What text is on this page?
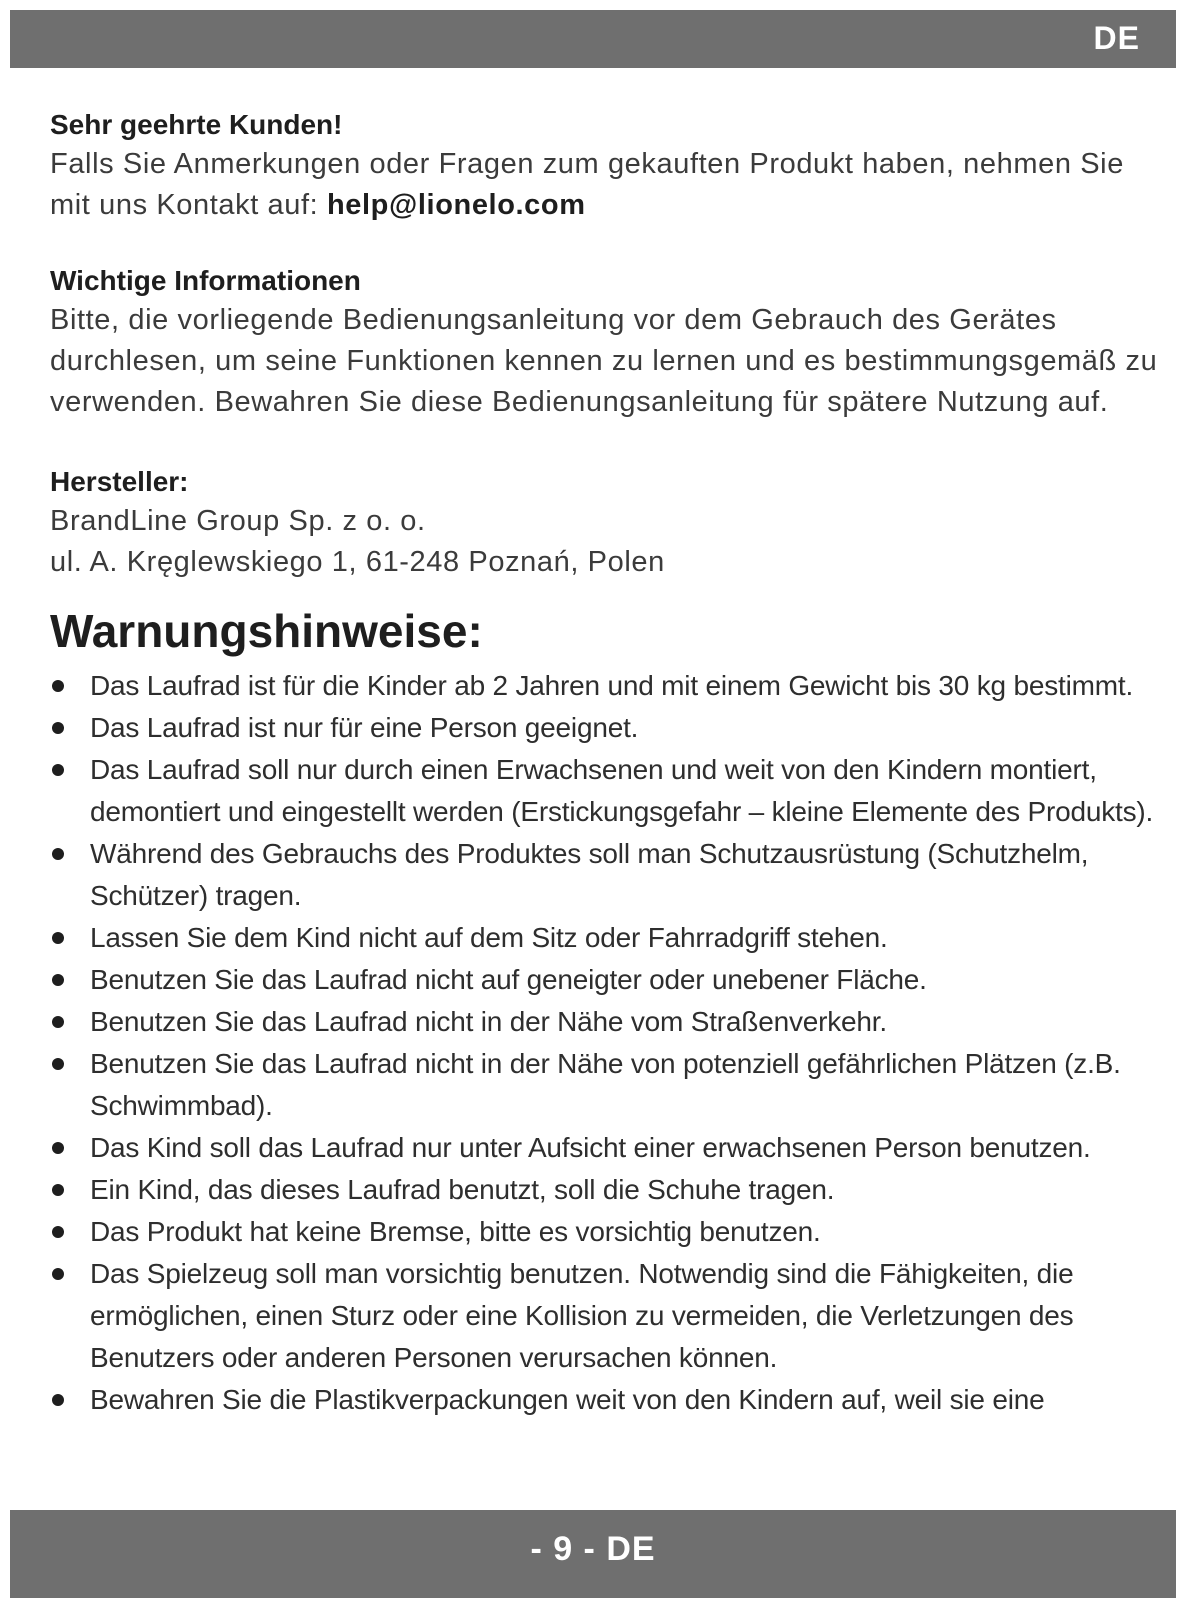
DE

Sehr geehrte Kunden!

Falls Sie Anmerkungen oder Fragen zum gekauften Produkt haben, nehmen Sie mit uns Kontakt auf: help@lionelo.com

Wichtige Informationen

Bitte, die vorliegende Bedienungsanleitung vor dem Gebrauch des Gerätes durchlesen, um seine Funktionen kennen zu lernen und es bestimmungsgemäß zu verwenden. Bewahren Sie diese Bedienungsanleitung für spätere Nutzung auf.

Hersteller:

BrandLine Group Sp. z o. o.

ul. A. Kręglewskiego 1, 61-248 Poznań, Polen

Warnungshinweise:
Das Laufrad ist für die Kinder ab 2 Jahren und mit einem Gewicht bis 30 kg bestimmt.
Das Laufrad ist nur für eine Person geeignet.
Das Laufrad soll nur durch einen Erwachsenen und weit von den Kindern montiert, demontiert und eingestellt werden (Erstickungsgefahr – kleine Elemente des Produkts).
Während des Gebrauchs des Produktes soll man Schutzausrüstung (Schutzhelm, Schützer) tragen.
Lassen Sie dem Kind nicht auf dem Sitz oder Fahrradgriff stehen.
Benutzen Sie das Laufrad nicht auf geneigter oder unebener Fläche.
Benutzen Sie das Laufrad nicht in der Nähe vom Straßenverkehr.
Benutzen Sie das Laufrad nicht in der Nähe von potenziell gefährlichen Plätzen (z.B. Schwimmbad).
Das Kind soll das Laufrad nur unter Aufsicht einer erwachsenen Person benutzen.
Ein Kind, das dieses Laufrad benutzt, soll die Schuhe tragen.
Das Produkt hat keine Bremse, bitte es vorsichtig benutzen.
Das Spielzeug soll man vorsichtig benutzen. Notwendig sind die Fähigkeiten, die ermöglichen, einen Sturz oder eine Kollision zu vermeiden, die Verletzungen des Benutzers oder anderen Personen verursachen können.
Bewahren Sie die Plastikverpackungen weit von den Kindern auf, weil sie eine
- 9 - DE
